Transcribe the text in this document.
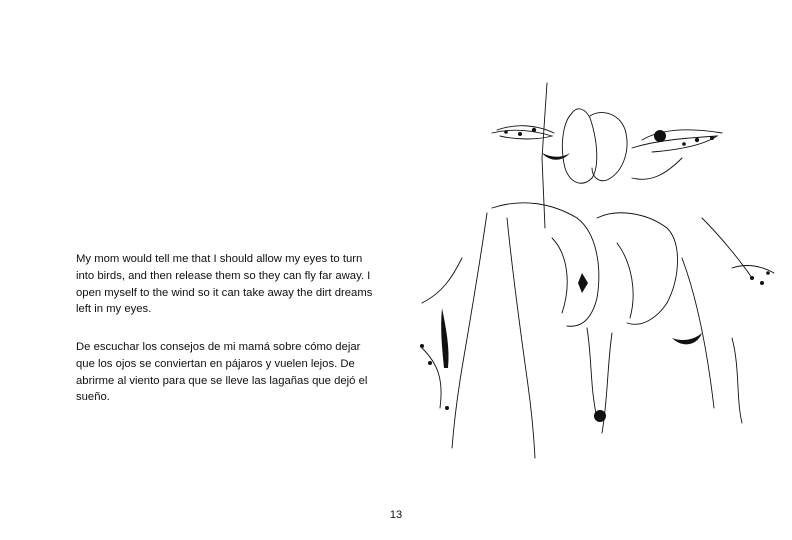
My mom would tell me that I should allow my eyes to turn into birds, and then release them so they can fly far away. I open myself to the wind so it can take away the dirt dreams left in my eyes.

De escuchar los consejos de mi mamá sobre cómo dejar que los ojos se conviertan en pájaros y vuelen lejos. De abrirme al viento para que se lleve las lagañas que dejó el sueño.

13
